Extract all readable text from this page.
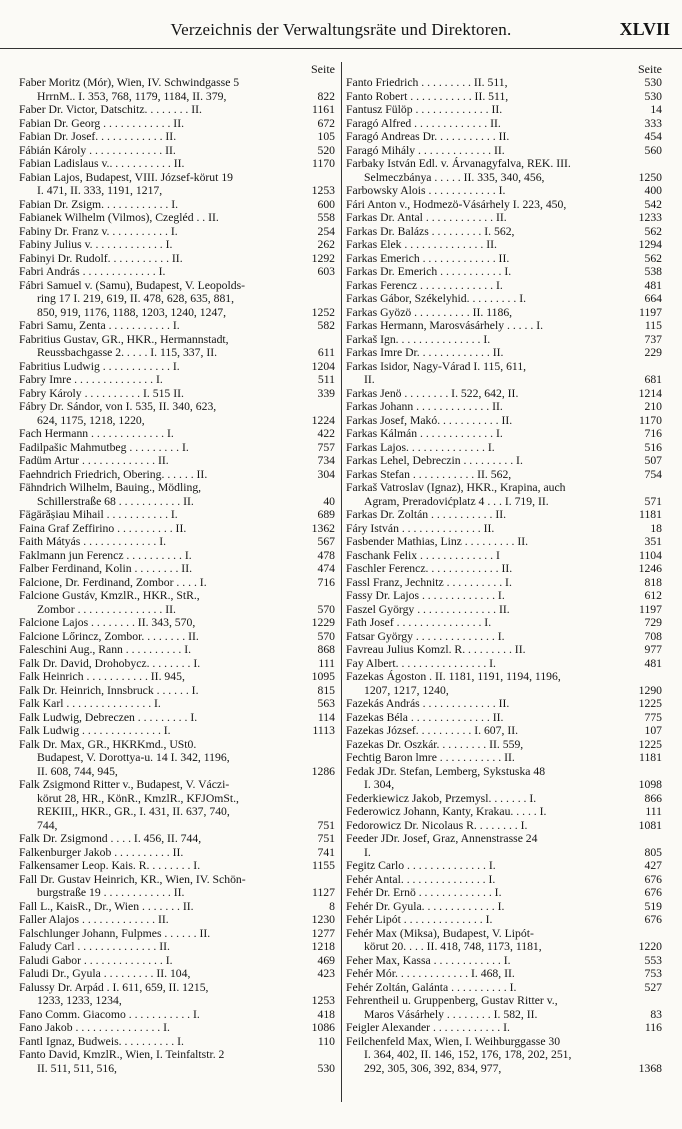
Verzeichnis der Verwaltungsräte und Direktoren.	XLVII
Seite
Faber Moritz (Mór), Wien, IV. Schwindgasse 5
HrrnM.. I. 353, 768, 1179, 1184, II. 379,	822
Faber Dr. Victor, Datschitz. . . . . . . . II.	1161
Fabian Dr. Georg . . . . . . . . . . . . II.	672
Fabian Dr. Josef. . . . . . . . . . . . II.	105
Fábián Károly . . . . . . . . . . . . . II.	520
Fabian Ladislaus v.. . . . . . . . . . . II.	1170
Fabian Lajos, Budapest, VIII. József-körut 19
I. 471, II. 333, 1191, 1217,	1253
Fabian Dr. Zsigm. . . . . . . . . . . . I.	600
Fabianek Wilhelm (Vilmos), Czegléd . . II.	558
Fabiny Dr. Franz v. . . . . . . . . . . I.	254
Fabiny Julius v. . . . . . . . . . . . . I.	262
Fabinyi Dr. Rudolf. . . . . . . . . . . II.	1292
Fabri András . . . . . . . . . . . . . I.	603
Fábri Samuel v. (Samu), Budapest, V. Leopolds-
ring 17 I. 219, 619, II. 478, 628, 635, 881,
850, 919, 1176, 1188, 1203, 1240, 1247,	1252
Fabri Samu, Zenta . . . . . . . . . . . I.	582
Fabritius Gustav, GR., HKR., Hermannstadt,
Reussbachgasse 2. . . . . I. 115, 337, II.	611
Fabritius Ludwig . . . . . . . . . . . . I.	1204
Fabry Imre . . . . . . . . . . . . . . I.	511
Fabry Károly . . . . . . . . . . I. 515 II.	339
Fábry Dr. Sándor, von I. 535, II. 340, 623,
624, 1175, 1218, 1220,	1224
Fach Hermann . . . . . . . . . . . . . I.	422
Fadilpašic Mahmutbeg . . . . . . . . . I.	757
Fadüm Artur . . . . . . . . . . . . . II.	734
Faehndrich Friedrich, Obering. . . . . . II.	304
Fähndrich Wilhelm, Bauing., Mödling,
Schillerstraße 68 . . . . . . . . . . . II.	40
Fägärășiau Mihail . . . . . . . . . . . I.	689
Faina Graf Zeffirino . . . . . . . . . . II.	1362
Faith Mátyás . . . . . . . . . . . . . I.	567
Faklmann jun Ferencz . . . . . . . . . . I.	478
Falber Ferdinand, Kolin . . . . . . . . II.	474
Falcione, Dr. Ferdinand, Zombor . . . . I.	716
Falcione Gustáv, KmzlR., HKR., StR.,
Zombor . . . . . . . . . . . . . . . II.	570
Falcione Lajos . . . . . . . . II. 343, 570,	1229
Falcione Lőrincz, Zombor. . . . . . . . II.	570
Faleschini Aug., Rann . . . . . . . . . . I.	868
Falk Dr. David, Drohobycz. . . . . . . . I.	111
Falk Heinrich . . . . . . . . . . . II. 945,	1095
Falk Dr. Heinrich, Innsbruck . . . . . . I.	815
Falk Karl . . . . . . . . . . . . . . . I.	563
Falk Ludwig, Debreczen . . . . . . . . . I.	114
Falk Ludwig . . . . . . . . . . . . . . I.	1113
Falk Dr. Max, GR., HKRKmd., USt0.
Budapest, V. Dorottya-u. 14 I. 342, 1196,
II. 608, 744, 945,	1286
Falk Zsigmond Ritter v., Budapest, V. Váczi-
körut 28, HR., KönR., KmzlR., KFJOmSt.,
REKIII,, HKR., GR., I. 431, II. 637, 740,
744,	751
Falk Dr. Zsigmond . . . . I. 456, II. 744,	751
Falkenburger Jakob . . . . . . . . . . II.	741
Falkensamer Leop. Kais. R. . . . . . . . I.	1155
Fall Dr. Gustav Heinrich, KR., Wien, IV. Schön-
burgstraße 19 . . . . . . . . . . . . II.	1127
Fall L., KaisR., Dr., Wien . . . . . . . II.	8
Faller Alajos . . . . . . . . . . . . . II.	1230
Falschlunger Johann, Fulpmes . . . . . . II.	1277
Faludy Carl . . . . . . . . . . . . . . II.	1218
Faludi Gabor . . . . . . . . . . . . . . I.	469
Faludi Dr., Gyula . . . . . . . . . II. 104,	423
Falussy Dr. Arpád . I. 611, 659, II. 1215,
1233, 1233, 1234,	1253
Fano Comm. Giacomo . . . . . . . . . . . I.	418
Fano Jakob . . . . . . . . . . . . . . . I.	1086
Fantl Ignaz, Budweis. . . . . . . . . . I.	110
Fanto David, KmzlR., Wien, I. Teinfaltstr. 2
II. 511, 511, 516,	530
Seite
Fanto Friedrich . . . . . . . . . II. 511,	530
Fanto Robert . . . . . . . . . . . II. 511,	530
Fantusz Fülöp . . . . . . . . . . . . . II.	14
Faragó Alfred . . . . . . . . . . . . . II.	333
Faragó Andreas Dr. . . . . . . . . . . II.	454
Faragó Mihály . . . . . . . . . . . . . II.	560
Farbaky István Edl. v. Árvanagyfalva, REK. III.
Selmeczbánya . . . . . II. 335, 340, 456,	1250
Farbowsky Alois . . . . . . . . . . . . I.	400
Fári Anton v., Hodmezö-Vásárhely I. 223, 450,	542
Farkas Dr. Antal . . . . . . . . . . . . II.	1233
Farkas Dr. Balázs . . . . . . . . . I. 562,	562
Farkas Elek . . . . . . . . . . . . . . II.	1294
Farkas Emerich . . . . . . . . . . . . . II.	562
Farkas Dr. Emerich . . . . . . . . . . . I.	538
Farkas Ferencz . . . . . . . . . . . . . I.	481
Farkas Gábor, Székelyhid. . . . . . . . . I.	664
Farkas Gyözö . . . . . . . . . . II. 1186,	1197
Farkas Hermann, Marosvásárhely . . . . . I.	115
Farkaš Ign. . . . . . . . . . . . . . . I.	737
Farkas Imre Dr. . . . . . . . . . . . . II.	229
Farkas Isidor, Nagy-Várad I. 115, 611,
II.	681
Farkas Jenö . . . . . . . . I. 522, 642, II.	1214
Farkas Johann . . . . . . . . . . . . . II.	210
Farkas Josef, Makó. . . . . . . . . . . II.	1170
Farkas Kálmán . . . . . . . . . . . . . I.	716
Farkas Lajos. . . . . . . . . . . . . . I.	516
Farkas Lehel, Debreczin . . . . . . . . . I.	507
Farkas Stefan . . . . . . . . . . . II. 562,	754
Farkaš Vatroslav (Ignaz), HKR., Krapina, auch
Agram, Preradovićplatz 4 . . . I. 719, II.	571
Farkas Dr. Zoltán . . . . . . . . . . . II.	1181
Fáry István . . . . . . . . . . . . . . II.	18
Fasbender Mathias, Linz . . . . . . . . . II.	351
Faschank Felix . . . . . . . . . . . . . I	1104
Faschler Ferencz. . . . . . . . . . . . . II.	1246
Fassl Franz, Jechnitz . . . . . . . . . . I.	818
Fassy Dr. Lajos . . . . . . . . . . . . . I.	612
Faszel György . . . . . . . . . . . . . . II.	1197
Fath Josef . . . . . . . . . . . . . . . I.	729
Fatsar György . . . . . . . . . . . . . . I.	708
Favreau Julius Komzl. R. . . . . . . . . II.	977
Fay Albert. . . . . . . . . . . . . . . . I.	481
Fazekas Ágoston . II. 1181, 1191, 1194, 1196,
1207, 1217, 1240,	1290
Fazekás András . . . . . . . . . . . . . II.	1225
Fazekas Béla . . . . . . . . . . . . . . II.	775
Fazekas József. . . . . . . . . . I. 607, II.	107
Fazekas Dr. Oszkár. . . . . . . . . II. 559,	1225
Fechtig Baron lmre . . . . . . . . . . . II.	1181
Fedak JDr. Stefan, Lemberg, Sykstuska 48
I. 304,	1098
Federkiewicz Jakob, Przemysl. . . . . . . I.	866
Federowicz Johann, Kanty, Krakau. . . . . I.	111
Fedorowicz Dr. Nicolaus R. . . . . . . . I.	1081
Feeder JDr. Josef, Graz, Annenstrasse 24
I.	805
Fegitz Carlo . . . . . . . . . . . . . . I.	427
Fehér Antal. . . . . . . . . . . . . . . I.	676
Fehér Dr. Ernö . . . . . . . . . . . . . I.	676
Fehér Dr. Gyula. . . . . . . . . . . . . I.	519
Fehér Lipót . . . . . . . . . . . . . . I.	676
Fehér Max (Miksa), Budapest, V. Lipót-
körut 20. . . . II. 418, 748, 1173, 1181,	1220
Feher Max, Kassa . . . . . . . . . . . . I.	553
Fehér Mór. . . . . . . . . . . . . I. 468, II.	753
Fehér Zoltán, Galánta . . . . . . . . . . I.	527
Fehrentheil u. Gruppenberg, Gustav Ritter v.,
Maros Vásárhely . . . . . . . . I. 582, II.	83
Feigler Alexander . . . . . . . . . . . . I.	116
Feilchenfeld Max, Wien, I. Weihburggasse 30
I. 364, 402, II. 146, 152, 176, 178, 202, 251,
292, 305, 306, 392, 834, 977,	1368
